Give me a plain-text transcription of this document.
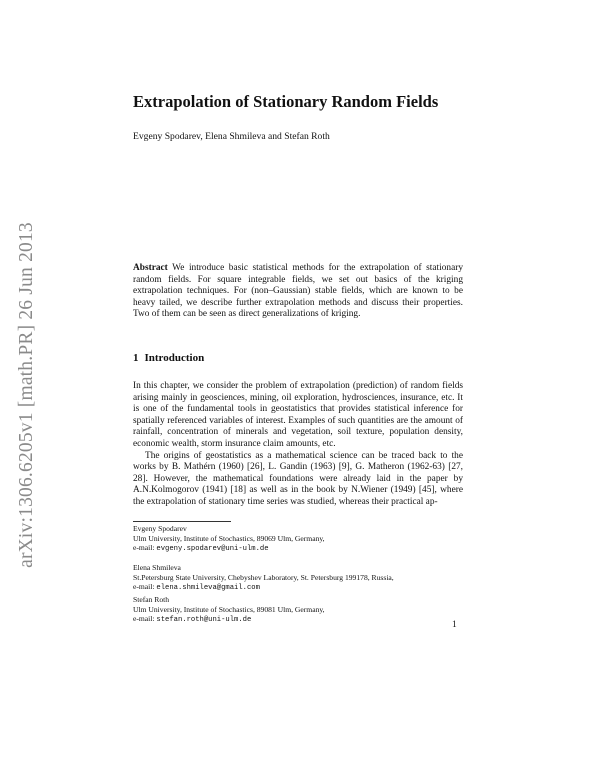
arXiv:1306.6205v1 [math.PR] 26 Jun 2013
Extrapolation of Stationary Random Fields
Evgeny Spodarev, Elena Shmileva and Stefan Roth

Abstract We introduce basic statistical methods for the extrapolation of stationary random fields. For square integrable fields, we set out basics of the kriging extrapolation techniques. For (non–Gaussian) stable fields, which are known to be heavy tailed, we describe further extrapolation methods and discuss their properties. Two of them can be seen as direct generalizations of kriging.

1 Introduction

In this chapter, we consider the problem of extrapolation (prediction) of random fields arising mainly in geosciences, mining, oil exploration, hydrosciences, insurance, etc. It is one of the fundamental tools in geostatistics that provides statistical inference for spatially referenced variables of interest. Examples of such quantities are the amount of rainfall, concentration of minerals and vegetation, soil texture, population density, economic wealth, storm insurance claim amounts, etc.

The origins of geostatistics as a mathematical science can be traced back to the works by B. Mathérn (1960) [26], L. Gandin (1963) [9], G. Matheron (1962-63) [27, 28]. However, the mathematical foundations were already laid in the paper by A.N.Kolmogorov (1941) [18] as well as in the book by N.Wiener (1949) [45], where the extrapolation of stationary time series was studied, whereas their practical ap-

Evgeny Spodarev
Ulm University, Institute of Stochastics, 89069 Ulm, Germany,
e-mail: evgeny.spodarev@uni-ulm.de
Elena Shmileva
St.Petersburg State University, Chebyshev Laboratory, St. Petersburg 199178, Russia,
e-mail: elena.shmileva@gmail.com
Stefan Roth
Ulm University, Institute of Stochastics, 89081 Ulm, Germany,
e-mail: stefan.roth@uni-ulm.de	1
